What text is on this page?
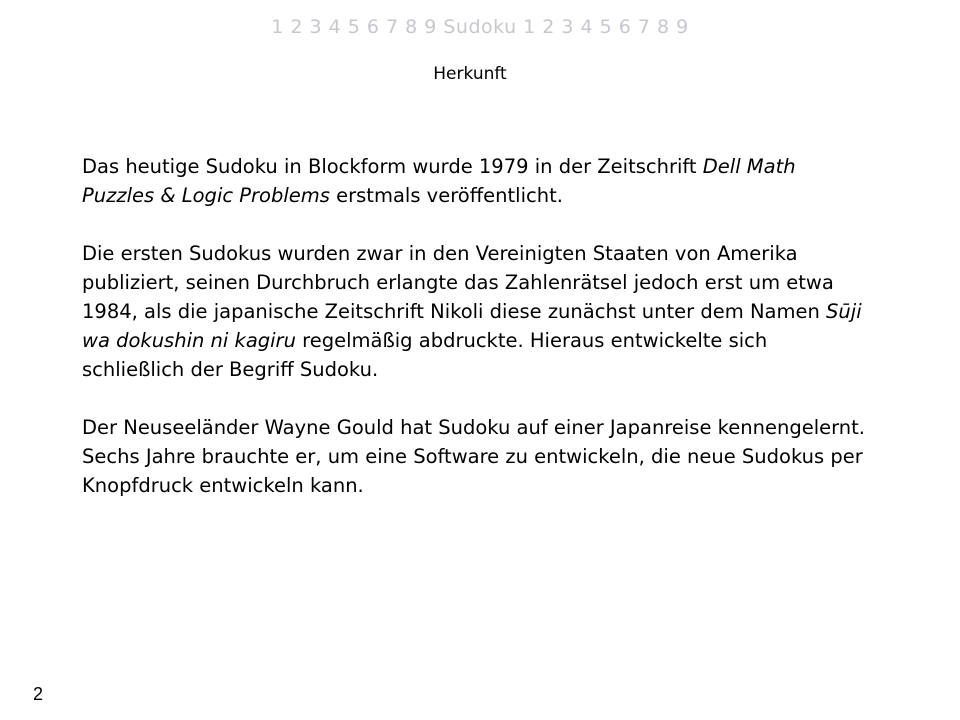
1 2 3 4 5 6 7 8 9 Sudoku 1 2 3 4 5 6 7 8 9
Herkunft

Das heutige Sudoku in Blockform wurde 1979 in der Zeitschrift Dell Math Puzzles & Logic Problems erstmals veröffentlicht.

Die ersten Sudokus wurden zwar in den Vereinigten Staaten von Amerika publiziert, seinen Durchbruch erlangte das Zahlenrätsel jedoch erst um etwa 1984, als die japanische Zeitschrift Nikoli diese zunächst unter dem Namen Sūji wa dokushin ni kagiru regelmäßig abdruckte. Hieraus entwickelte sich schließlich der Begriff Sudoku.

Der Neuseeländer Wayne Gould hat Sudoku auf einer Japanreise kennengelernt. Sechs Jahre brauchte er, um eine Software zu entwickeln, die neue Sudokus per Knopfdruck entwickeln kann.

2
